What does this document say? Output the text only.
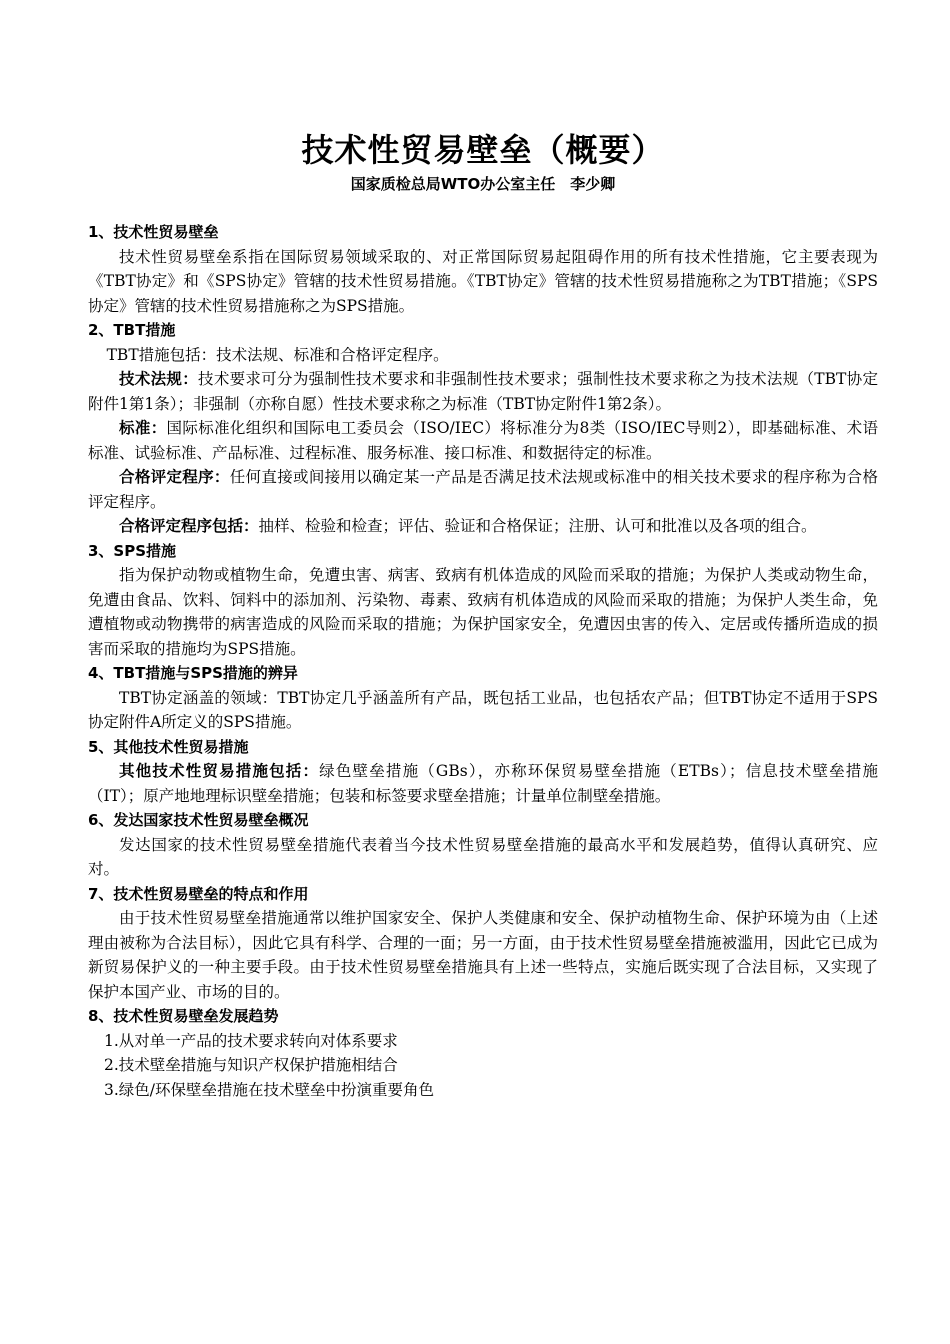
技术性贸易壁垒（概要）

国家质检总局WTO办公室主任　李少卿

1、技术性贸易壁垒

技术性贸易壁垒系指在国际贸易领域采取的、对正常国际贸易起阻碍作用的所有技术性措施，它主要表现为《TBT协定》和《SPS协定》管辖的技术性贸易措施。《TBT协定》管辖的技术性贸易措施称之为TBT措施；《SPS协定》管辖的技术性贸易措施称之为SPS措施。

2、TBT措施

TBT措施包括：技术法规、标准和合格评定程序。

技术法规：技术要求可分为强制性技术要求和非强制性技术要求；强制性技术要求称之为技术法规（TBT协定附件1第1条）；非强制（亦称自愿）性技术要求称之为标准（TBT协定附件1第2条）。

标准：国际标准化组织和国际电工委员会（ISO/IEC）将标准分为8类（ISO/IEC导则2），即基础标准、术语标准、试验标准、产品标准、过程标准、服务标准、接口标准、和数据待定的标准。

合格评定程序：任何直接或间接用以确定某一产品是否满足技术法规或标准中的相关技术要求的程序称为合格评定程序。

合格评定程序包括：抽样、检验和检查；评估、验证和合格保证；注册、认可和批准以及各项的组合。

3、SPS措施

指为保护动物或植物生命，免遭虫害、病害、致病有机体造成的风险而采取的措施；为保护人类或动物生命，免遭由食品、饮料、饲料中的添加剂、污染物、毒素、致病有机体造成的风险而采取的措施；为保护人类生命，免遭植物或动物携带的病害造成的风险而采取的措施；为保护国家安全，免遭因虫害的传入、定居或传播所造成的损害而采取的措施均为SPS措施。

4、TBT措施与SPS措施的辨异

TBT协定涵盖的领域：TBT协定几乎涵盖所有产品，既包括工业品，也包括农产品；但TBT协定不适用于SPS协定附件A所定义的SPS措施。

5、其他技术性贸易措施

其他技术性贸易措施包括：绿色壁垒措施（GBs），亦称环保贸易壁垒措施（ETBs）；信息技术壁垒措施（IT）；原产地地理标识壁垒措施；包装和标签要求壁垒措施；计量单位制壁垒措施。

6、发达国家技术性贸易壁垒概况

发达国家的技术性贸易壁垒措施代表着当今技术性贸易壁垒措施的最高水平和发展趋势，值得认真研究、应对。

7、技术性贸易壁垒的特点和作用

由于技术性贸易壁垒措施通常以维护国家安全、保护人类健康和安全、保护动植物生命、保护环境为由（上述理由被称为合法目标），因此它具有科学、合理的一面；另一方面，由于技术性贸易壁垒措施被滥用，因此它已成为新贸易保护义的一种主要手段。由于技术性贸易壁垒措施具有上述一些特点，实施后既实现了合法目标，又实现了保护本国产业、市场的目的。

8、技术性贸易壁垒发展趋势

1.从对单一产品的技术要求转向对体系要求

2.技术壁垒措施与知识产权保护措施相结合

3.绿色/环保壁垒措施在技术壁垒中扮演重要角色
